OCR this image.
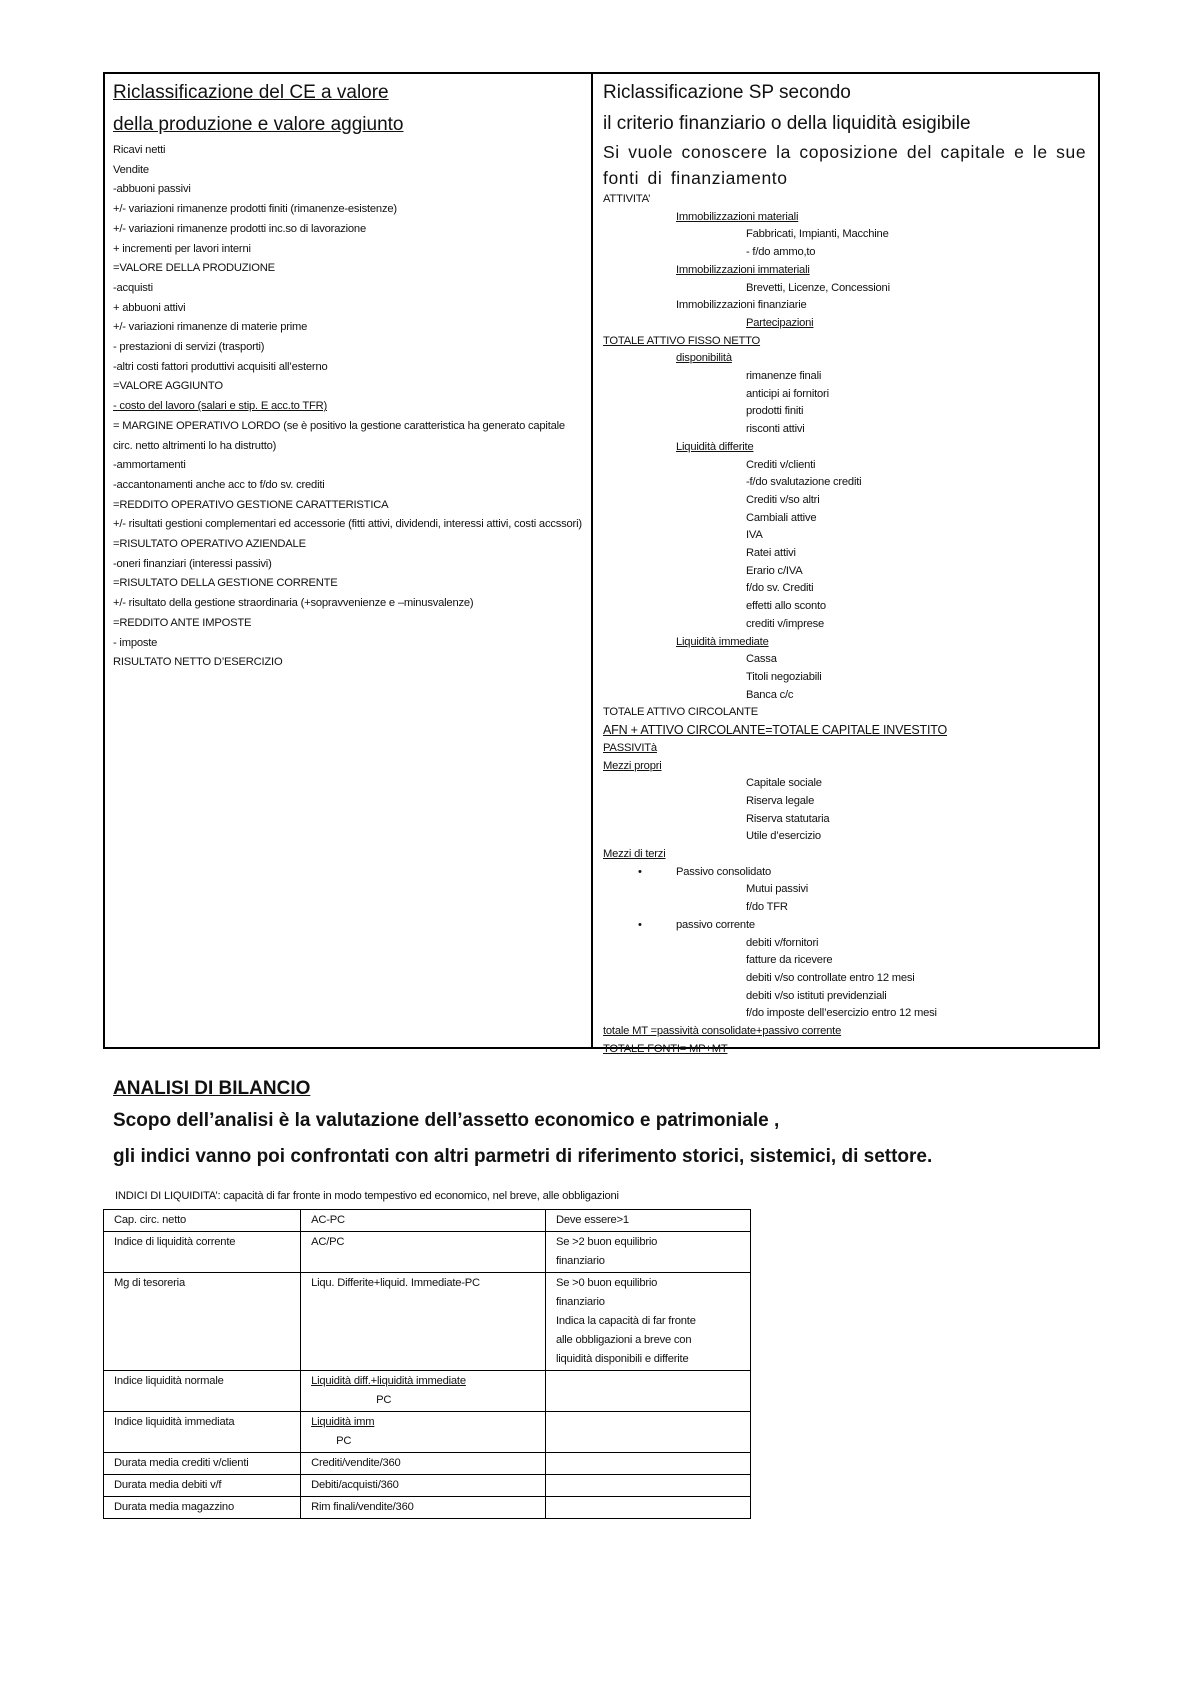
Riclassificazione del CE a valore
della produzione e valore aggiunto
Ricavi netti
Vendite
-abbuoni passivi
+/- variazioni rimanenze prodotti finiti (rimanenze-esistenze)
+/- variazioni rimanenze prodotti inc.so di lavorazione
+ incrementi per lavori interni
=VALORE DELLA PRODUZIONE
-acquisti
+ abbuoni attivi
+/- variazioni rimanenze di materie prime
- prestazioni di servizi (trasporti)
-altri costi fattori produttivi acquisiti all’esterno
=VALORE AGGIUNTO
- costo del lavoro (salari e stip. E acc.to TFR)
= MARGINE OPERATIVO LORDO (se è positivo la gestione caratteristica ha generato capitale circ. netto altrimenti lo ha distrutto)
-ammortamenti
-accantonamenti anche acc to f/do sv. crediti
=REDDITO OPERATIVO GESTIONE CARATTERISTICA
+/- risultati gestioni complementari ed accessorie (fitti attivi, dividendi, interessi attivi, costi accssori)
=RISULTATO OPERATIVO AZIENDALE
-oneri finanziari (interessi passivi)
=RISULTATO DELLA GESTIONE CORRENTE
+/- risultato della gestione straordinaria (+sopravvenienze e –minusvalenze)
=REDDITO ANTE IMPOSTE
- imposte
RISULTATO NETTO D’ESERCIZIO
Riclassificazione SP secondo
il criterio finanziario o della liquidità esigibile
Si vuole conoscere la coposizione del capitale e le sue fonti di finanziamento
ATTIVITA’
Immobilizzazioni materiali
Fabbricati, Impianti, Macchine
- f/do ammo,to
Immobilizzazioni immateriali
Brevetti, Licenze, Concessioni
Immobilizzazioni finanziarie
Partecipazioni
TOTALE ATTIVO FISSO NETTO
disponibilità
rimanenze finali
anticipi ai fornitori
prodotti finiti
risconti attivi
Liquidità differite
Crediti v/clienti
-f/do svalutazione crediti
Crediti v/so altri
Cambiali attive
IVA
Ratei attivi
Erario c/IVA
f/do sv. Crediti
effetti allo sconto
crediti v/imprese
Liquidità immediate
Cassa
Titoli negoziabili
Banca c/c
TOTALE ATTIVO CIRCOLANTE
AFN + ATTIVO CIRCOLANTE=TOTALE CAPITALE INVESTITO
PASSIVITà
Mezzi propri
Capitale sociale
Riserva legale
Riserva statutaria
Utile d’esercizio
Mezzi di terzi
•	Passivo consolidato
Mutui passivi
f/do TFR
•	passivo corrente
debiti v/fornitori
fatture da ricevere
debiti v/so controllate entro 12 mesi
debiti v/so istituti previdenziali
f/do imposte dell’esercizio entro 12 mesi
totale MT =passività consolidate+passivo corrente
TOTALE FONTI= MP+MT
ANALISI DI BILANCIO
Scopo dell’analisi è la valutazione dell’assetto economico e patrimoniale ,
gli indici vanno poi confrontati con altri parmetri di riferimento storici, sistemici, di settore.
INDICI DI LIQUIDITA’: capacità di far fronte in modo tempestivo ed economico, nel breve, alle obbligazioni
Cap. circ. netto	AC-PC	Deve essere>1
Indice di liquidità corrente	AC/PC	Se >2 buon equilibrio
finanziario
Mg di tesoreria	Liqu. Differite+liquid. Immediate-PC	Se >0 buon equilibrio
finanziario
Indica la capacità di far fronte
alle obbligazioni a breve con
liquidità disponibili e differite
Indice liquidità normale	Liquidità diff.+liquidità immediate
PC	

Indice liquidità immediata	Liquidità imm
PC	

Durata media crediti v/clienti	Crediti/vendite/360	
Durata media debiti v/f	Debiti/acquisti/360	
Durata media magazzino	Rim finali/vendite/360	
